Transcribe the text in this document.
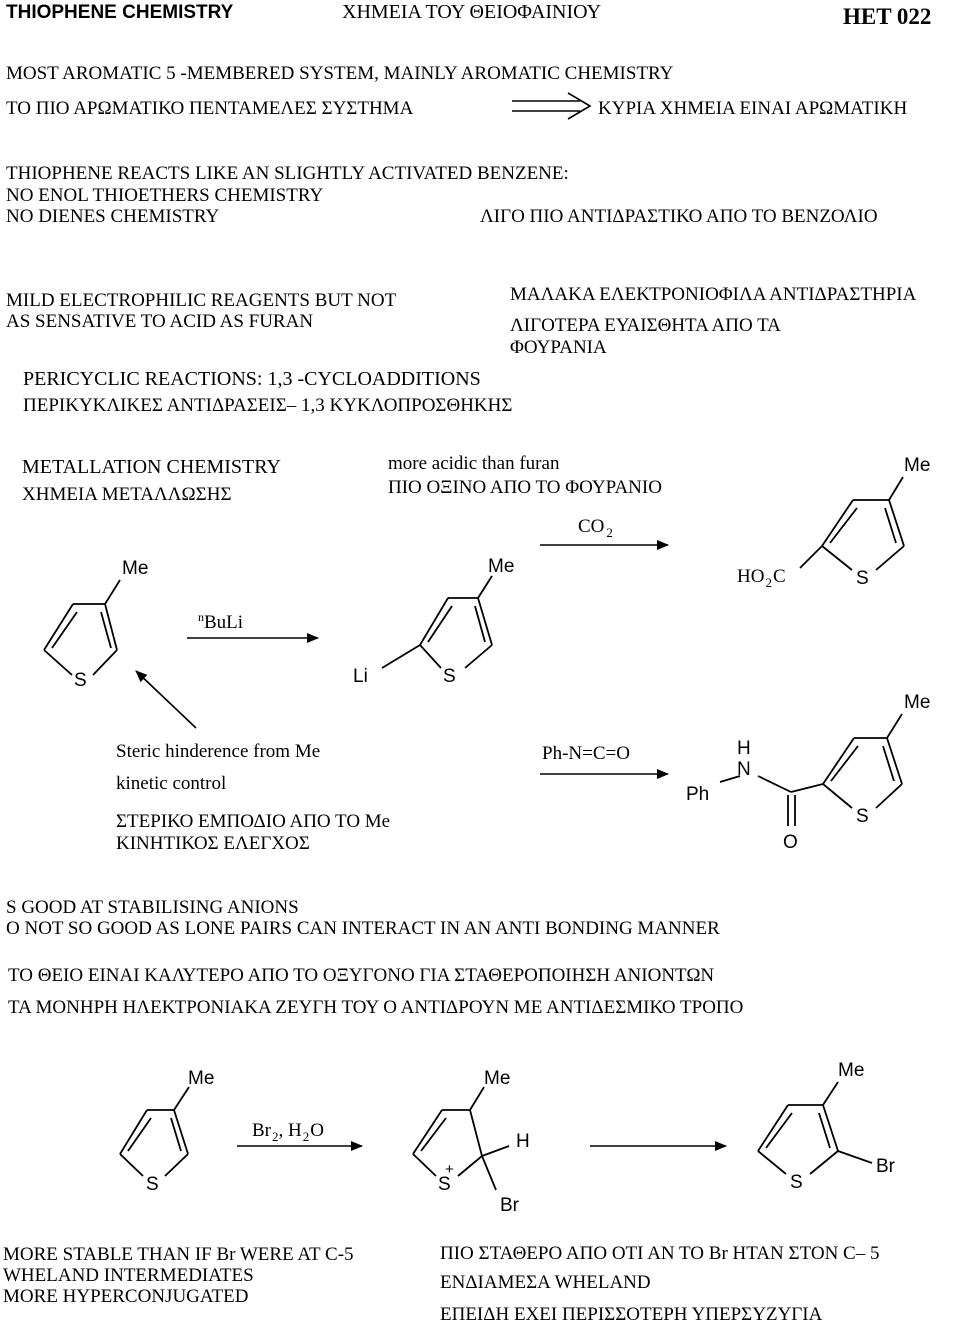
THIOPHENE CHEMISTRY	ΧΗΜΕΙΑ ΤΟΥ ΘΕΙΟΦΑΙΝΙΟΥ	HET 022
MOST AROMATIC 5 -MEMBERED SYSTEM, MAINLY AROMATIC CHEMISTRY
ΤΟ ΠΙΟ ΑΡΩΜΑΤΙΚΟ ΠΕΝΤΑΜΕΛΕΣ ΣΥΣΤΗΜΑ	ΚΥΡΙΑ ΧΗΜΕΙΑ ΕΙΝΑΙ ΑΡΩΜΑΤΙΚΗ
THIOPHENE REACTS LIKE AN SLIGHTLY ACTIVATED BENZENE:
NO ENOL THIOETHERS CHEMISTRY
NO DIENES CHEMISTRY	ΛΙΓΟ ΠΙΟ ΑΝΤΙΔΡΑΣΤΙΚΟ ΑΠΟ ΤΟ ΒΕΝΖΟΛΙΟ
MILD ELECTROPHILIC REAGENTS BUT NOT
AS SENSATIVE TO ACID AS FURAN
ΜΑΛΑΚΑ ΕΛΕΚΤΡΟΝΙΟΦΙΛΑ ΑΝΤΙΔΡΑΣΤΗΡΙΑ
ΛΙΓΟΤΕΡΑ ΕΥΑΙΣΘΗΤΑ ΑΠΟ ΤΑ
ΦΟΥΡΑΝΙΑ
PERICYCLIC REACTIONS: 1,3 -CYCLOADDITIONS
ΠΕΡΙΚΥΚΛΙΚΕΣ ΑΝΤΙΔΡΑΣΕΙΣ– 1,3 ΚΥΚΛΟΠΡΟΣΘΗΚΗΣ
METALLATION CHEMISTRY
ΧΗΜΕΙΑ ΜΕΤΑΛΛΩΣΗΣ
more acidic than furan
ΠΙΟ ΟΞΙΝΟ ΑΠΟ ΤΟ ΦΟΥΡΑΝΙΟ
Steric hinderence from Me
kinetic control
ΣΤΕΡΙΚΟ ΕΜΠΟΔΙΟ ΑΠΟ ΤΟ Me
ΚΙΝΗΤΙΚΟΣ ΕΛΕΓΧΟΣ
S GOOD AT STABILISING ANIONS
O NOT SO GOOD AS LONE PAIRS CAN INTERACT IN AN ANTI BONDING MANNER
ΤΟ ΘΕΙΟ ΕΙΝΑΙ ΚΑΛΥΤΕΡΟ ΑΠΟ ΤΟ ΟΞΥΓΟΝΟ ΓΙΑ ΣΤΑΘΕΡΟΠΟΙΗΣΗ ΑΝΙΟΝΤΩΝ
ΤΑ ΜΟΝΗΡΗ ΗΛΕΚΤΡΟΝΙΑΚΑ ΖΕΥΓΗ ΤΟΥ Ο ΑΝΤΙΔΡΟΥΝ ΜΕ ΑΝΤΙΔΕΣΜΙΚΟ ΤΡΟΠΟ
MORE STABLE THAN IF Br WERE AT C-5
WHELAND INTERMEDIATES
MORE HYPERCONJUGATED
ΠΙΟ ΣΤΑΘΕΡΟ ΑΠΟ ΟΤΙ ΑΝ ΤΟ Br ΗΤΑΝ ΣΤΟΝ C– 5
ΕΝΔΙΑΜΕΣΑ WHELAND
ΕΠΕΙΔΗ ΕΧΕΙ ΠΕΡΙΣΣΟΤΕΡΗ ΥΠΕΡΣΥΖΥΓΙΑ
Me
S
$^n$BuLi
Me
S
Li
CO $_2$
Me
S
$HO_2C$
Ph-N=C=O
Me
S
H
N
Ph
O
Me
S
$Br_2$, $H_2O$
Me
S
+
H
Br
Me
S
Br
